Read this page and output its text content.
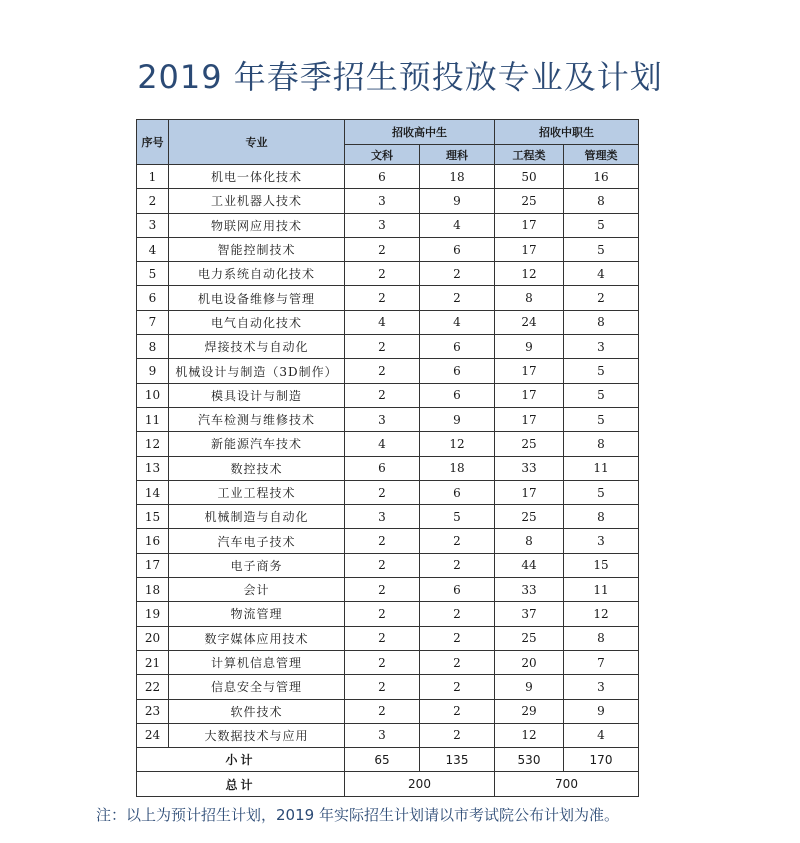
2019 年春季招生预投放专业及计划
序号	专业	招收高中生		招收中职生	
		文科	理科	工程类	管理类
1	机电一体化技术	6	18	50	16
2	工业机器人技术	3	9	25	8
3	物联网应用技术	3	4	17	5
4	智能控制技术	2	6	17	5
5	电力系统自动化技术	2	2	12	4
6	机电设备维修与管理	2	2	8	2
7	电气自动化技术	4	4	24	8
8	焊接技术与自动化	2	6	9	3
9	机械设计与制造（3D制作）	2	6	17	5
10	模具设计与制造	2	6	17	5
11	汽车检测与维修技术	3	9	17	5
12	新能源汽车技术	4	12	25	8
13	数控技术	6	18	33	11
14	工业工程技术	2	6	17	5
15	机械制造与自动化	3	5	25	8
16	汽车电子技术	2	2	8	3
17	电子商务	2	2	44	15
18	会计	2	6	33	11
19	物流管理	2	2	37	12
20	数字媒体应用技术	2	2	25	8
21	计算机信息管理	2	2	20	7
22	信息安全与管理	2	2	9	3
23	软件技术	2	2	29	9
24	大数据技术与应用	3	2	12	4
小计		65	135	530	170
总计		200		700	
注：以上为预计招生计划，2019 年实际招生计划请以市考试院公布计划为准。
